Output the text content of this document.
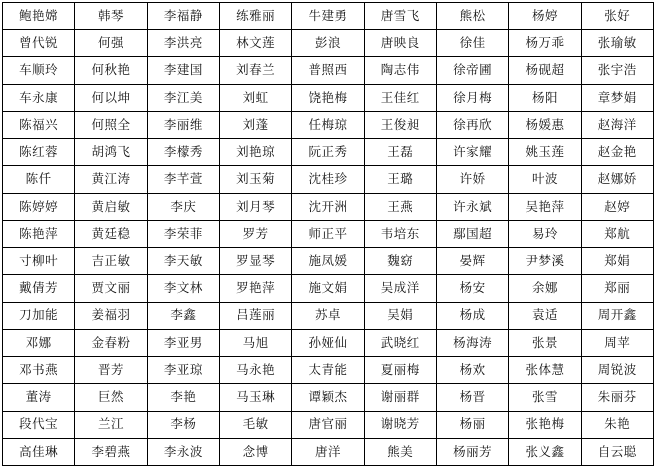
鲍艳嫦	韩琴	李福静	练雅丽	牛建勇	唐雪飞	熊松	杨婷	张好
曾代锐	何强	李洪亮	林文莲	彭浪	唐映良	徐佳	杨万乖	张瑜敏
车顺玲	何秋艳	李建国	刘春兰	普照西	陶志伟	徐帝圃	杨砚超	张宇浩
车永康	何以坤	李江美	刘虹	饶艳梅	王佳红	徐月梅	杨阳	章梦娟
陈福兴	何照全	李丽维	刘蓬	任梅琼	王俊昶	徐再欣	杨媛惠	赵海洋
陈红蓉	胡鸿飞	李檬秀	刘艳琼	阮正秀	王磊	许家耀	姚玉莲	赵金艳
陈仟	黄江涛	李芊萱	刘玉菊	沈桂珍	王璐	许娇	叶波	赵娜娇
陈婷婷	黄启敏	李庆	刘月琴	沈开洲	王燕	许永斌	吴艳萍	赵婷
陈艳萍	黄廷稳	李荣菲	罗芳	师正平	韦培东	鄢国超	易玲	郑航
寸柳叶	吉正敏	李天敏	罗显琴	施凤媛	魏窈	晏辉	尹梦溪	郑娟
戴倩芳	贾文丽	李文林	罗艳萍	施文娟	吴成洋	杨安	余娜	郑丽
刀加能	姜福羽	李鑫	吕莲丽	苏卓	吴娟	杨成	袁适	周开鑫
邓娜	金春粉	李亚男	马旭	孙娅仙	武晓红	杨海涛	张景	周苹
邓书燕	晋芳	李亚琼	马永艳	太青能	夏丽梅	杨欢	张体慧	周锐波
董涛	巨然	李艳	马玉琳	谭颖杰	谢丽群	杨晋	张雪	朱丽芬
段代宝	兰江	李杨	毛敏	唐官丽	谢晓芳	杨丽	张艳梅	朱艳
高佳琳	李碧燕	李永波	念博	唐洋	熊美	杨丽芳	张义鑫	自云聪
